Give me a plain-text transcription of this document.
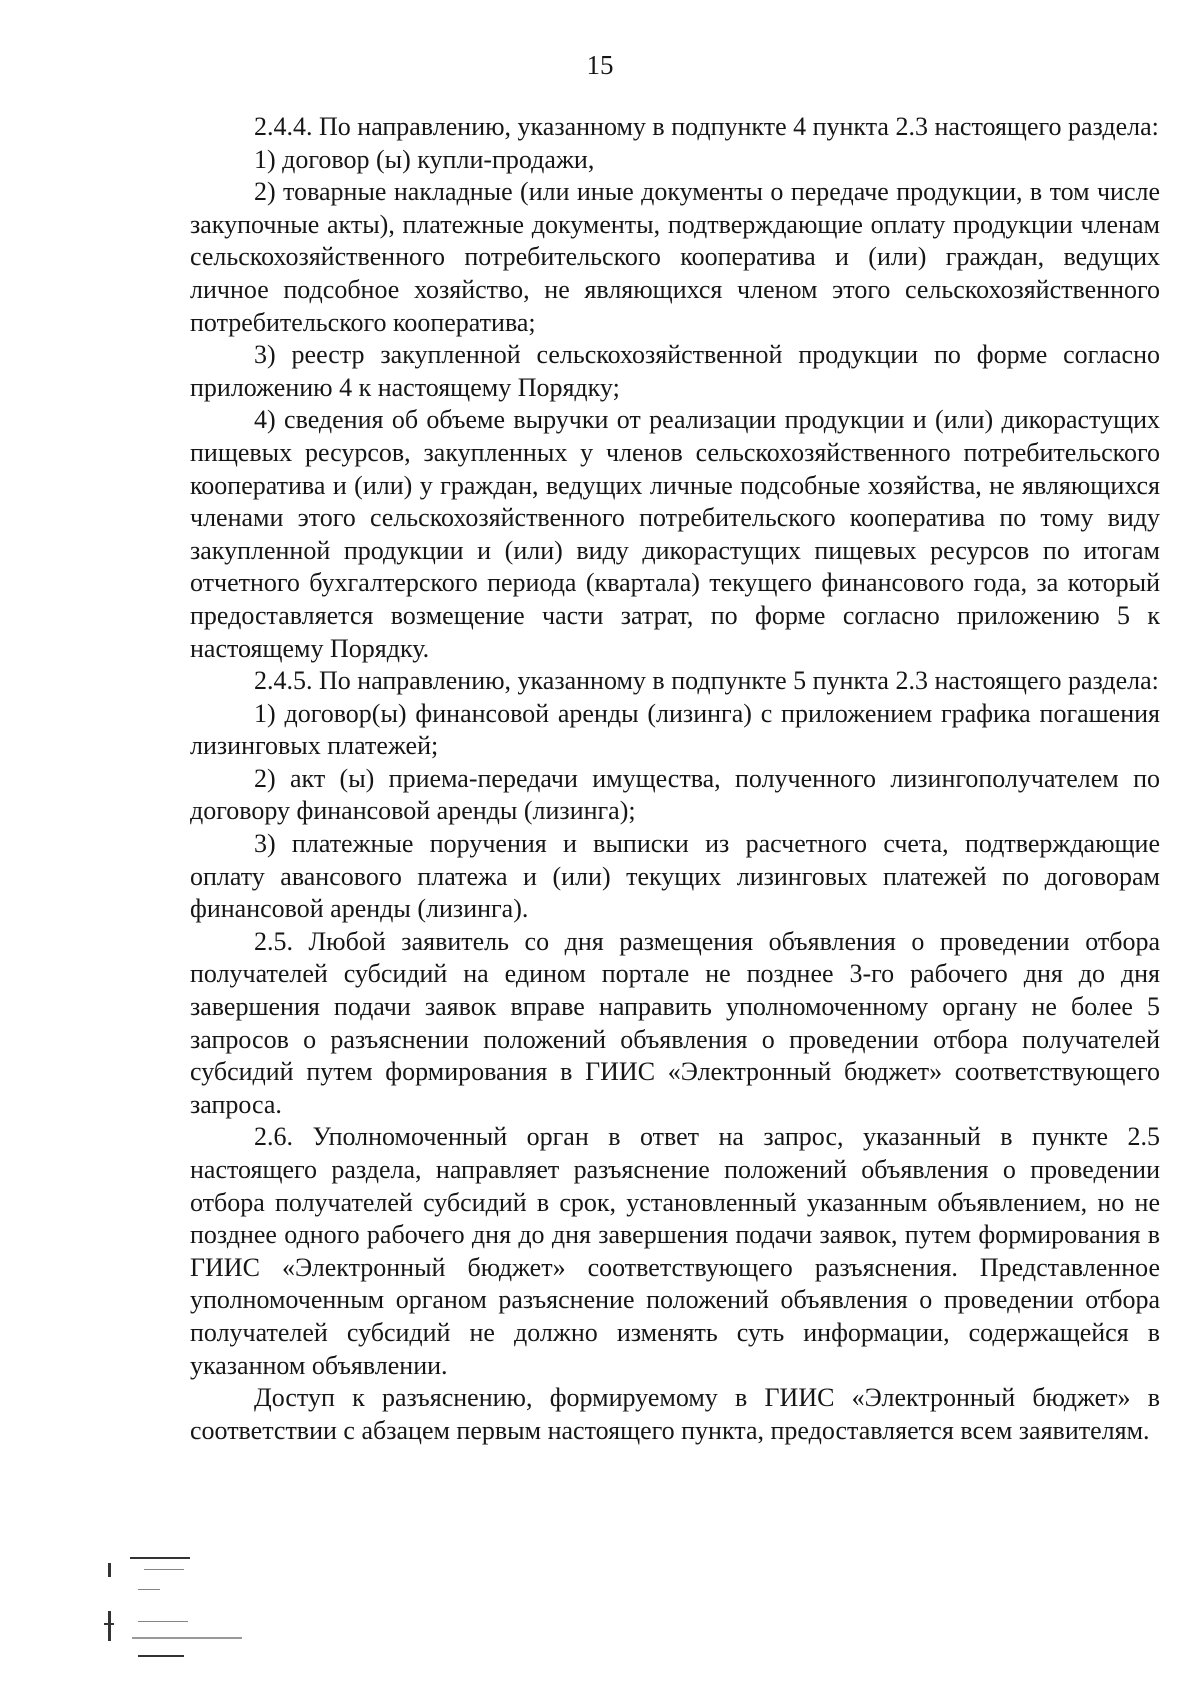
15

2.4.4. По направлению, указанному в подпункте 4 пункта 2.3 настоящего раздела:

1) договор (ы) купли-продажи,

2) товарные накладные (или иные документы о передаче продукции, в том числе закупочные акты), платежные документы, подтверждающие оплату продукции членам сельскохозяйственного потребительского кооператива и (или) граждан, ведущих личное подсобное хозяйство, не являющихся членом этого сельскохозяйственного потребительского кооператива;

3) реестр закупленной сельскохозяйственной продукции по форме согласно приложению 4 к настоящему Порядку;

4) сведения об объеме выручки от реализации продукции и (или) дикорастущих пищевых ресурсов, закупленных у членов сельскохозяйственного потребительского кооператива и (или) у граждан, ведущих личные подсобные хозяйства, не являющихся членами этого сельскохозяйственного потребительского кооператива по тому виду закупленной продукции и (или) виду дикорастущих пищевых ресурсов по итогам отчетного бухгалтерского периода (квартала) текущего финансового года, за который предоставляется возмещение части затрат, по форме согласно приложению 5 к настоящему Порядку.

2.4.5. По направлению, указанному в подпункте 5 пункта 2.3 настоящего раздела:

1) договор(ы) финансовой аренды (лизинга) с приложением графика погашения лизинговых платежей;

2) акт (ы) приема-передачи имущества, полученного лизингополучателем по договору финансовой аренды (лизинга);

3) платежные поручения и выписки из расчетного счета, подтверждающие оплату авансового платежа и (или) текущих лизинговых платежей по договорам финансовой аренды (лизинга).

2.5. Любой заявитель со дня размещения объявления о проведении отбора получателей субсидий на едином портале не позднее 3-го рабочего дня до дня завершения подачи заявок вправе направить уполномоченному органу не более 5 запросов о разъяснении положений объявления о проведении отбора получателей субсидий путем формирования в ГИИС «Электронный бюджет» соответствующего запроса.

2.6. Уполномоченный орган в ответ на запрос, указанный в пункте 2.5 настоящего раздела, направляет разъяснение положений объявления о проведении отбора получателей субсидий в срок, установленный указанным объявлением, но не позднее одного рабочего дня до дня завершения подачи заявок, путем формирования в ГИИС «Электронный бюджет» соответствующего разъяснения. Представленное уполномоченным органом разъяснение положений объявления о проведении отбора получателей субсидий не должно изменять суть информации, содержащейся в указанном объявлении.

Доступ к разъяснению, формируемому в ГИИС «Электронный бюджет» в соответствии с абзацем первым настоящего пункта, предоставляется всем заявителям.
